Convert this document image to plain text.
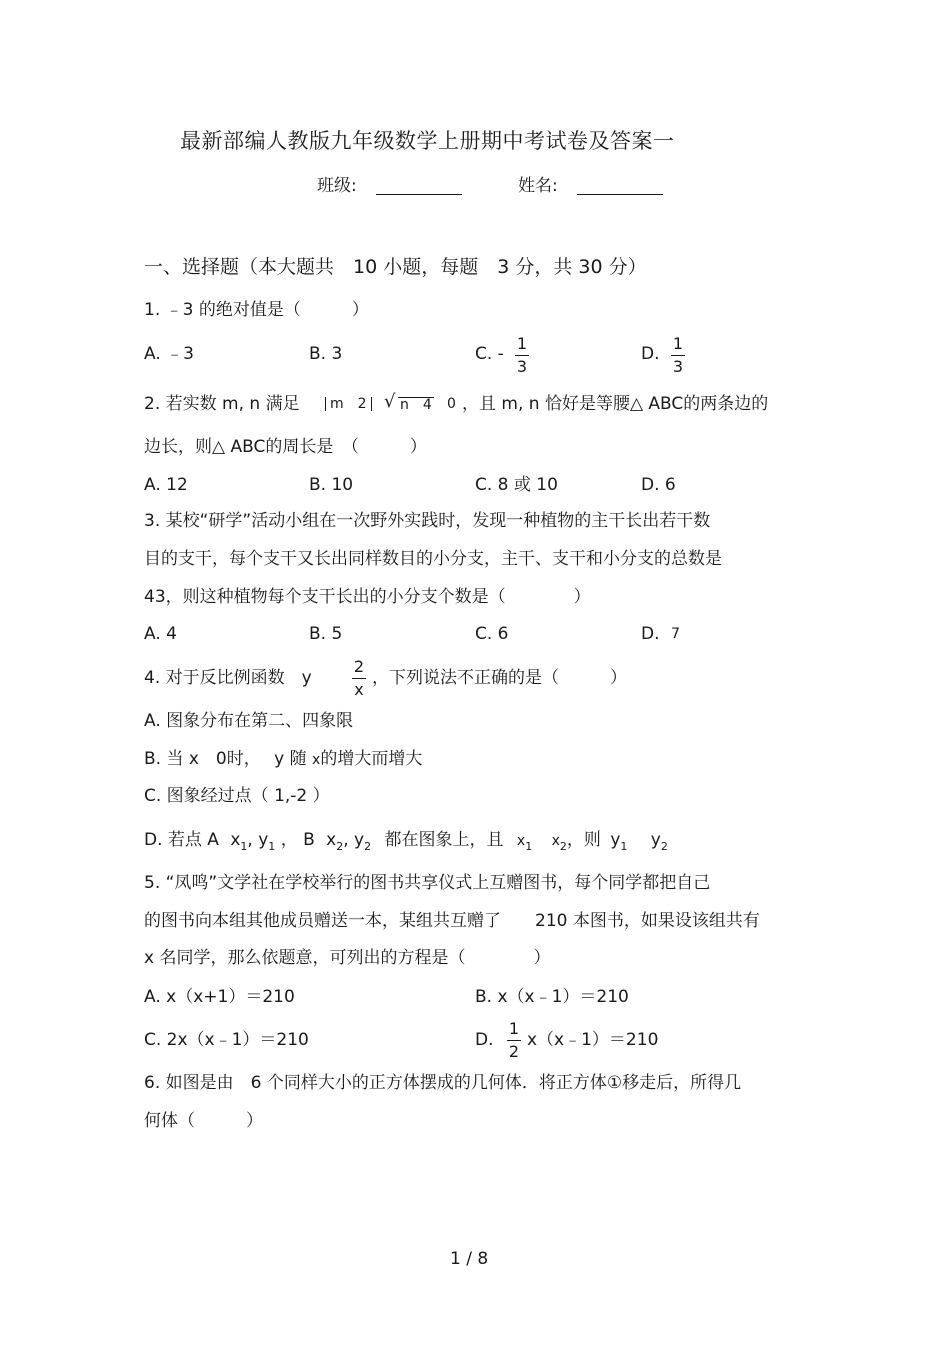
最新部编人教版九年级数学上册期中考试卷及答案一
班级:	姓名:
一、选择题（本大题共　10 小题，每题　3 分，共 30 分）
1. ﹣3 的绝对值是（　　　）
A. ﹣3	B. 3	C. -
1
3
D.
1
3
2. 若实数 m, n 满足	m　2 √ n　4 0 ，且 m, n 恰好是等腰△ ABC的两条边的
边长，则△ ABC的周长是　（　　　）
A. 12	B. 10	C. 8 或 10	D. 6
3. 某校“研学”活动小组在一次野外实践时，发现一种植物的主干长出若干数
目的支干，每个支干又长出同样数目的小分支，主干、支干和小分支的总数是
43，则这种植物每个支干长出的小分支个数是（　　　　）
A. 4	B. 5	C. 6	D. 7
4. 对于反比例函数　y
2
x
，下列说法不正确的是（　　　）
A. 图象分布在第二、四象限
B. 当 x　0时， y 随 x的增大而增大
C. 图象经过点（ 1,-2 ）
D. 若点 A $x_1$, $y_1$ ， B $x_2$, $y_2$ 都在图象上，且 $x_1$ $x_2$，则 $y_1$ $y_2$
5. “凤鸣”文学社在学校举行的图书共享仪式上互赠图书，每个同学都把自己
的图书向本组其他成员赠送一本，某组共互赠了　　210 本图书，如果设该组共有
x 名同学，那么依题意，可列出的方程是（　　　　）
A. x（x+1）＝210	B. x（x﹣1）＝210
C. 2x（x﹣1）＝210	D.
1
2
x（x﹣1）＝210
6. 如图是由　6 个同样大小的正方体摆成的几何体．将正方体①移走后，所得几
何体（　　　）
1 / 8
